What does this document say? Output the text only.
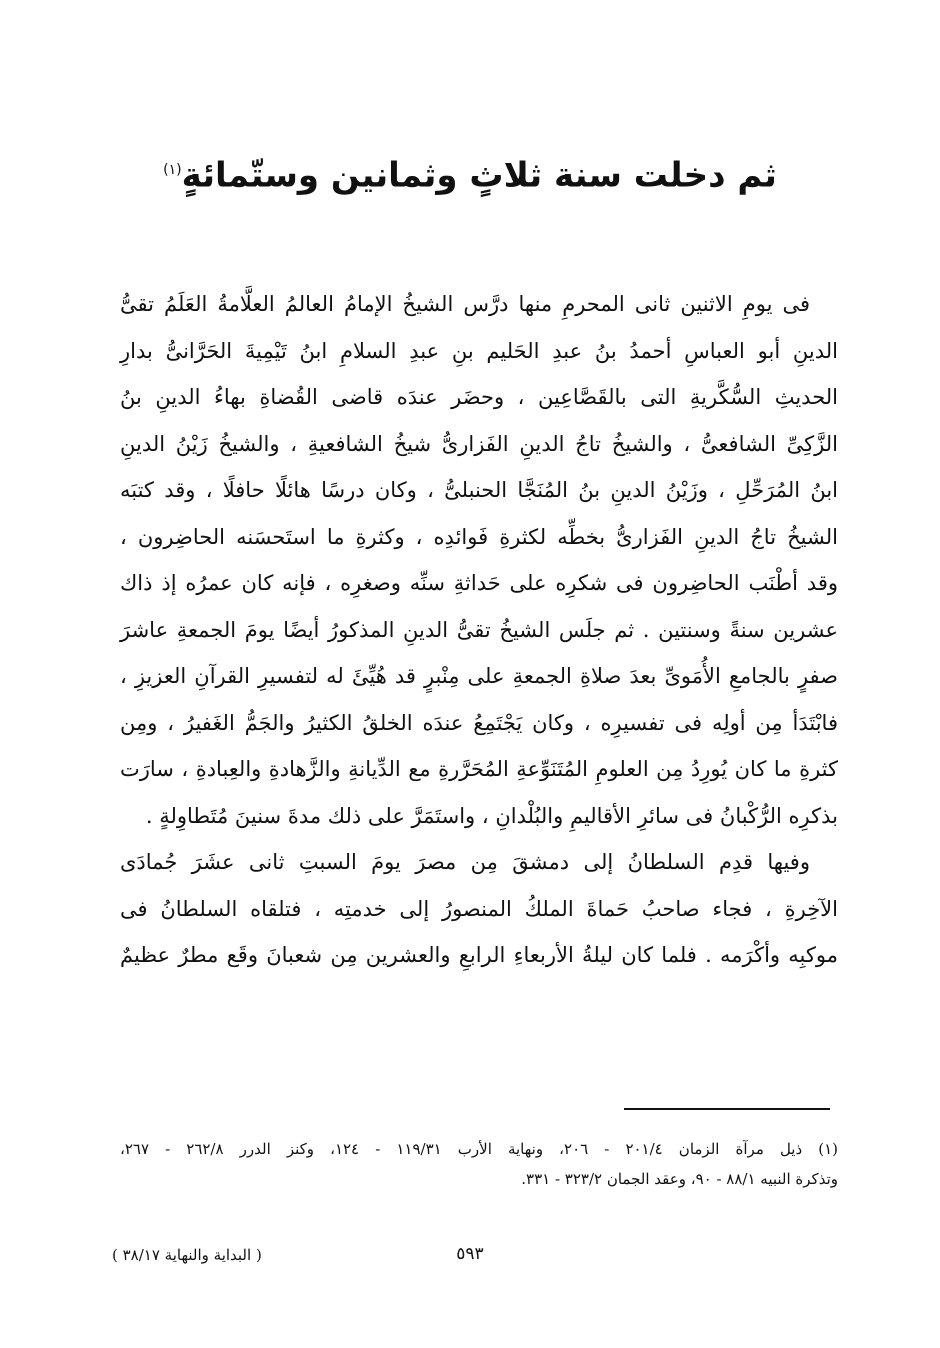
ثم دخلت سنة ثلاثٍ وثمانين وستّمائةٍ$^{(١)}$
فى يومِ الاثنين ثانى المحرمِ منها درَّس الشيخُ الإمامُ العالمُ العلَّامةُ العَلَمُ تقىُّ
الدينِ أبو العباسِ أحمدُ بنُ عبدِ الحَليم بنِ عبدِ السلامِ ابنُ تَيْمِيةَ الحَرَّانىُّ بدارِ
الحديثِ السُّكَّريةِ التى بالقَصَّاعِين ، وحضَر عندَه قاضى القُضاةِ بهاءُ الدينِ بنُ
الزَّكِىِّ الشافعىُّ ، والشيخُ تاجُ الدينِ الفَزارىُّ شيخُ الشافعيةِ ، والشيخُ زَيْنُ الدينِ
ابنُ المُرَحِّلِ ، وزَيْنُ الدينِ بنُ المُنَجَّا الحنبلىُّ ، وكان درسًا هائلًا حافلًا ، وقد كتبَه
الشيخُ تاجُ الدينِ الفَزارىُّ بخطِّه لكثرةِ فَوائدِه ، وكثرةِ ما استَحسَنه الحاضِرون ،
وقد أطْنَب الحاضِرون فى شكرِه على حَداثةِ سنِّه وصغرِه ، فإنه كان عمرُه إذ ذاك
عشرين سنةً وسنتين . ثم جلَس الشيخُ تقىُّ الدينِ المذكورُ أيضًا يومَ الجمعةِ عاشرَ
صفرٍ بالجامعِ الأُمَوىِّ بعدَ صلاةِ الجمعةِ على مِنْبرٍ قد هُيِّئَ له لتفسيرِ القرآنِ العزيزِ ،
فابْتَدَأ مِن أولِه فى تفسيرِه ، وكان يَجْتَمِعُ عندَه الخلقُ الكثيرُ والجَمُّ الغَفيرُ ، ومِن
كثرةِ ما كان يُورِدُ مِن العلومِ المُتَنَوِّعةِ المُحَرَّرةِ مع الدِّيانةِ والزَّهادةِ والعِبادةِ ، سارَت
بذكرِه الرُّكْبانُ فى سائرِ الأقاليمِ والبُلْدانِ ، واستَمَرَّ على ذلك مدةَ سنينَ مُتَطاوِلةٍ .
وفيها قدِم السلطانُ إلى دمشقَ مِن مصرَ يومَ السبتِ ثانى عشَرَ جُمادَى
الآخِرةِ ، فجاء صاحبُ حَماةَ الملكُ المنصورُ إلى خدمتِه ، فتلقاه السلطانُ فى
موكبِه وأكْرَمه . فلما كان ليلةُ الأربعاءِ الرابعِ والعشرين مِن شعبانَ وقَع مطرٌ عظيمٌ
(١) ذيل مرآة الزمان ٢٠١/٤ - ٢٠٦، ونهاية الأرب ١١٩/٣١ - ١٢٤، وكنز الدرر ٢٦٢/٨ - ٢٦٧،
وتذكرة النبيه ٨٨/١ - ٩٠، وعقد الجمان ٣٢٣/٢ - ٣٣١.
٥٩٣
( البداية والنهاية ٣٨/١٧ )
